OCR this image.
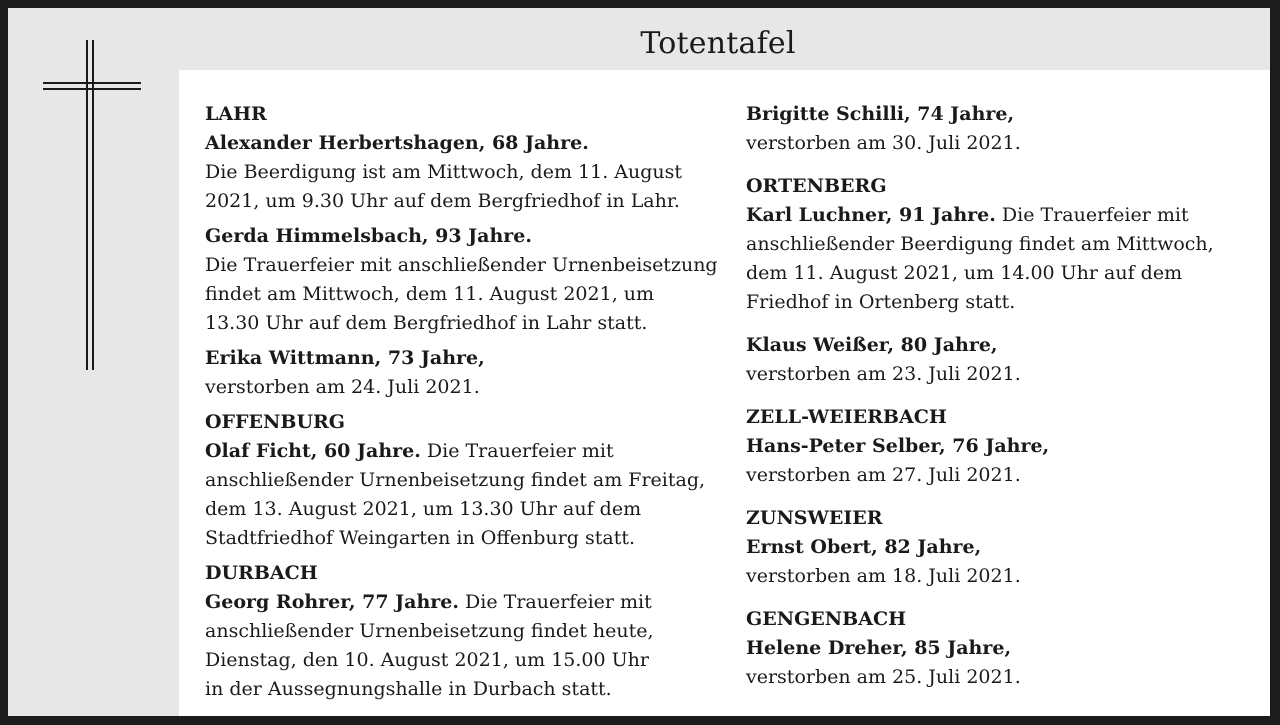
Totentafel
LAHR
Alexander Herbertshagen, 68 Jahre.
Die Beerdigung ist am Mittwoch, dem 11. August
2021, um 9.30 Uhr auf dem Bergfriedhof in Lahr.
Gerda Himmelsbach, 93 Jahre.
Die Trauerfeier mit anschließender Urnenbeisetzung
findet am Mittwoch, dem 11. August 2021, um
13.30 Uhr auf dem Bergfriedhof in Lahr statt.
Erika Wittmann, 73 Jahre,
verstorben am 24. Juli 2021.
OFFENBURG
Olaf Ficht, 60 Jahre. Die Trauerfeier mit
anschließender Urnenbeisetzung findet am Freitag,
dem 13. August 2021, um 13.30 Uhr auf dem
Stadtfriedhof Weingarten in Offenburg statt.
DURBACH
Georg Rohrer, 77 Jahre. Die Trauerfeier mit
anschließender Urnenbeisetzung findet heute,
Dienstag, den 10. August 2021, um 15.00 Uhr
in der Aussegnungshalle in Durbach statt.
Brigitte Schilli, 74 Jahre,
verstorben am 30. Juli 2021.
ORTENBERG
Karl Luchner, 91 Jahre. Die Trauerfeier mit
anschließender Beerdigung findet am Mittwoch,
dem 11. August 2021, um 14.00 Uhr auf dem
Friedhof in Ortenberg statt.
Klaus Weißer, 80 Jahre,
verstorben am 23. Juli 2021.
ZELL-WEIERBACH
Hans-Peter Selber, 76 Jahre,
verstorben am 27. Juli 2021.
ZUNSWEIER
Ernst Obert, 82 Jahre,
verstorben am 18. Juli 2021.
GENGENBACH
Helene Dreher, 85 Jahre,
verstorben am 25. Juli 2021.
